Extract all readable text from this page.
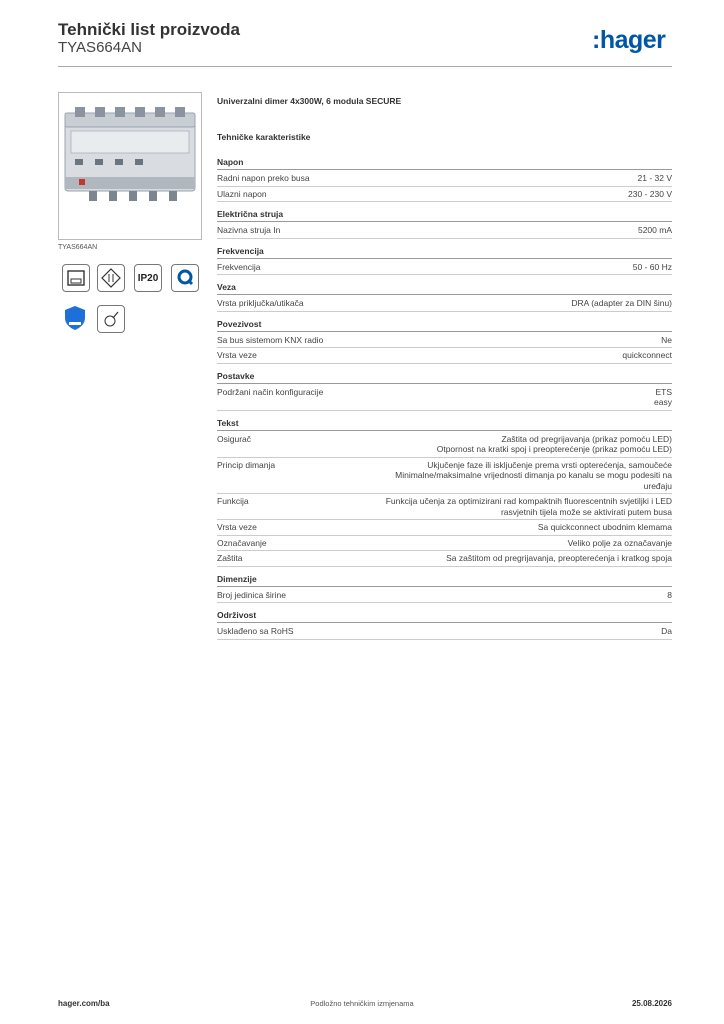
Tehnički list proizvoda
TYAS664AN	:hager
TYAS664AN
IP20
Univerzalni dimer 4x300W, 6 modula SECURE
Tehničke karakteristike
Napon
Radni napon preko busa	21 - 32 V
Ulazni napon	230 - 230 V
Električna struja
Nazivna struja In	5200 mA
Frekvencija
Frekvencija	50 - 60 Hz
Veza
Vrsta priključka/utikača	DRA (adapter za DIN šinu)
Povezivost
Sa bus sistemom KNX radio	Ne
Vrsta veze	quickconnect
Postavke
Podržani način konfiguracije	ETS
easy
Tekst
Osigurač	Zaštita od pregrijavanja (prikaz pomoću LED)
Otpornost na kratki spoj i preopterećenje (prikaz pomoću LED)
Princip dimanja	Ukjučenje faze ili isključenje prema vrsti opterećenja, samoučeće
Minimalne/maksimalne vrijednosti dimanja po kanalu se mogu podesiti na
uređaju
Funkcija	Funkcija učenja za optimizirani rad kompaktnih fluorescentnih svjetiljki i LED
rasvjetnih tijela može se aktivirati putem busa
Vrsta veze	Sa quickconnect ubodnim klemama
Označavanje	Veliko polje za označavanje
Zaštita	Sa zaštitom od pregrijavanja, preopterećenja i kratkog spoja
Dimenzije
Broj jedinica širine	8
Održivost
Usklađeno sa RoHS	Da
hager.com/ba	Podložno tehničkim izmjenama	25.08.2026
